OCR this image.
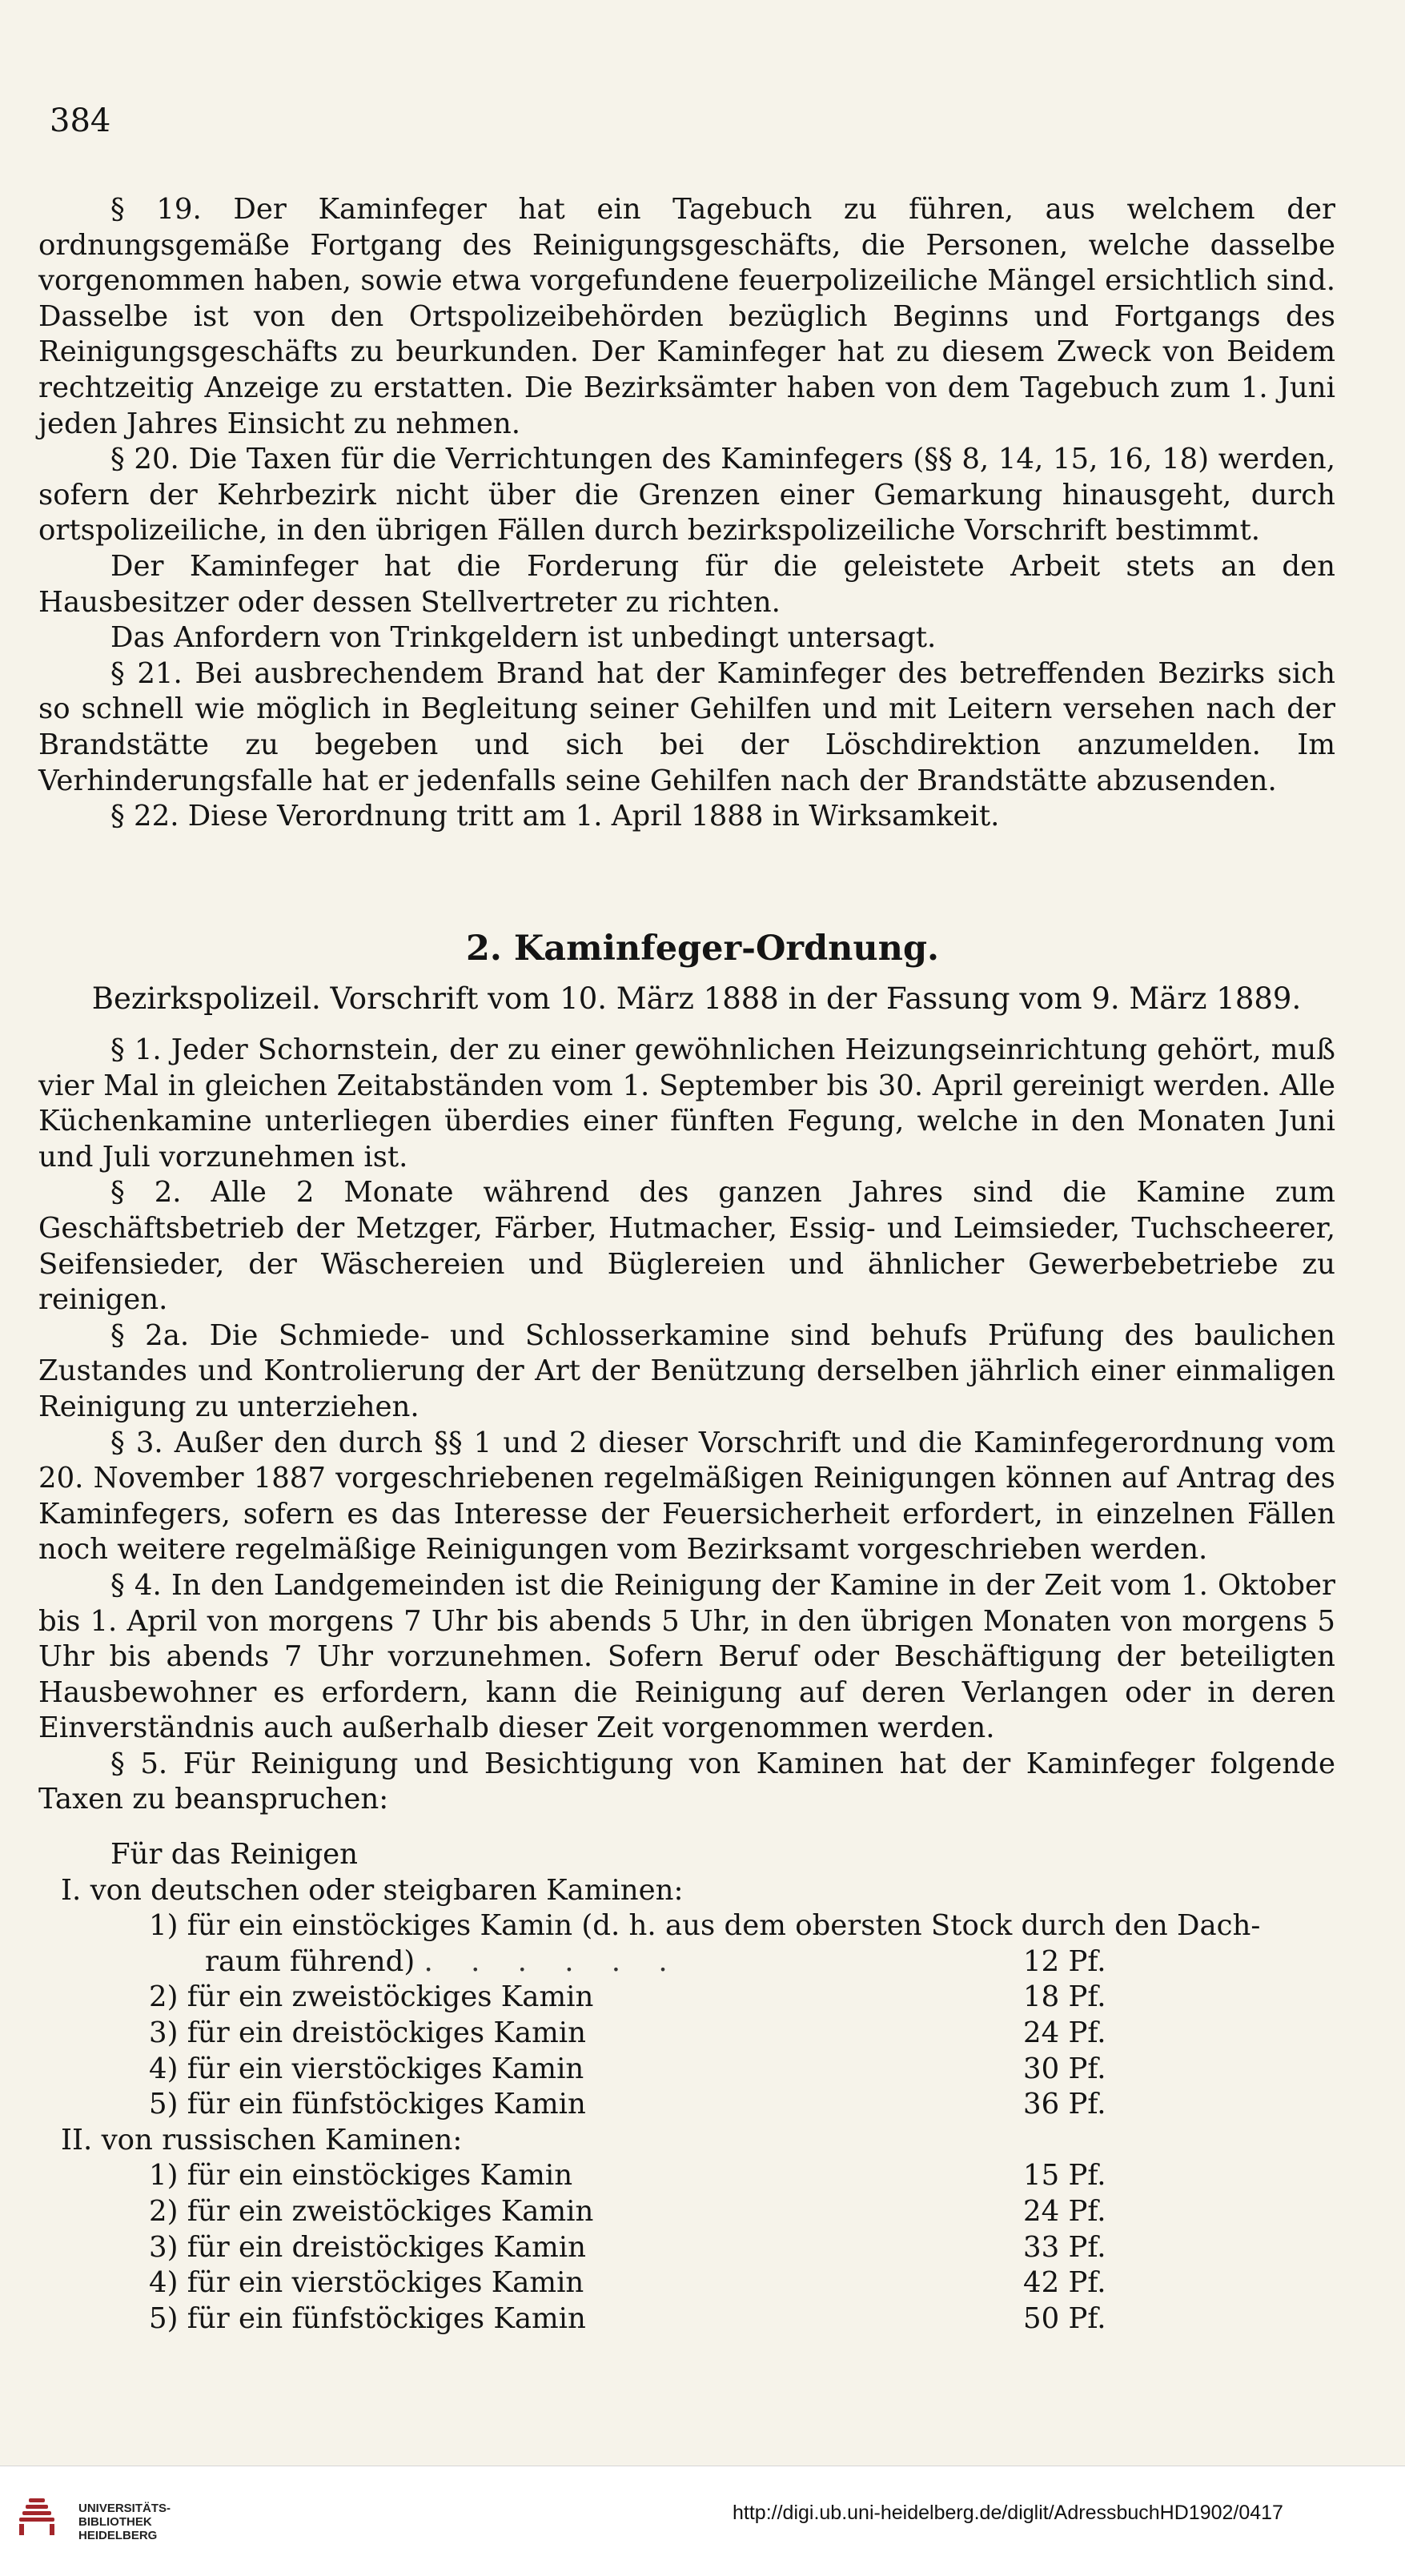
384

§ 19. Der Kaminfeger hat ein Tagebuch zu führen, aus welchem der ordnungsgemäße Fortgang des Reinigungsgeschäfts, die Personen, welche dasselbe vorgenommen haben, sowie etwa vorgefundene feuerpolizeiliche Mängel ersichtlich sind. Dasselbe ist von den Ortspolizeibehörden bezüglich Beginns und Fortgangs des Reinigungsgeschäfts zu beurkunden. Der Kaminfeger hat zu diesem Zweck von Beidem rechtzeitig Anzeige zu erstatten. Die Bezirksämter haben von dem Tagebuch zum 1. Juni jeden Jahres Einsicht zu nehmen.

§ 20. Die Taxen für die Verrichtungen des Kaminfegers (§§ 8, 14, 15, 16, 18) werden, sofern der Kehrbezirk nicht über die Grenzen einer Gemarkung hinausgeht, durch ortspolizeiliche, in den übrigen Fällen durch bezirkspolizeiliche Vorschrift bestimmt.

Der Kaminfeger hat die Forderung für die geleistete Arbeit stets an den Hausbesitzer oder dessen Stellvertreter zu richten.

Das Anfordern von Trinkgeldern ist unbedingt untersagt.

§ 21. Bei ausbrechendem Brand hat der Kaminfeger des betreffenden Bezirks sich so schnell wie möglich in Begleitung seiner Gehilfen und mit Leitern versehen nach der Brandstätte zu begeben und sich bei der Löschdirektion anzumelden. Im Verhinderungsfalle hat er jedenfalls seine Gehilfen nach der Brandstätte abzusenden.

§ 22. Diese Verordnung tritt am 1. April 1888 in Wirksamkeit.

2. Kaminfeger-Ordnung.
Bezirkspolizeil. Vorschrift vom 10. März 1888 in der Fassung vom 9. März 1889.

§ 1. Jeder Schornstein, der zu einer gewöhnlichen Heizungseinrichtung gehört, muß vier Mal in gleichen Zeitabständen vom 1. September bis 30. April gereinigt werden. Alle Küchenkamine unterliegen überdies einer fünften Fegung, welche in den Monaten Juni und Juli vorzunehmen ist.

§ 2. Alle 2 Monate während des ganzen Jahres sind die Kamine zum Geschäftsbetrieb der Metzger, Färber, Hutmacher, Essig- und Leimsieder, Tuchscheerer, Seifensieder, der Wäschereien und Büglereien und ähnlicher Gewerbebetriebe zu reinigen.

§ 2a. Die Schmiede- und Schlosserkamine sind behufs Prüfung des baulichen Zustandes und Kontrolierung der Art der Benützung derselben jährlich einer einmaligen Reinigung zu unterziehen.

§ 3. Außer den durch §§ 1 und 2 dieser Vorschrift und die Kaminfegerordnung vom 20. November 1887 vorgeschriebenen regelmäßigen Reinigungen können auf Antrag des Kaminfegers, sofern es das Interesse der Feuersicherheit erfordert, in einzelnen Fällen noch weitere regelmäßige Reinigungen vom Bezirksamt vorgeschrieben werden.

§ 4. In den Landgemeinden ist die Reinigung der Kamine in der Zeit vom 1. Oktober bis 1. April von morgens 7 Uhr bis abends 5 Uhr, in den übrigen Monaten von morgens 5 Uhr bis abends 7 Uhr vorzunehmen. Sofern Beruf oder Beschäftigung der beteiligten Hausbewohner es erfordern, kann die Reinigung auf deren Verlangen oder in deren Einverständnis auch außerhalb dieser Zeit vorgenommen werden.

§ 5. Für Reinigung und Besichtigung von Kaminen hat der Kaminfeger folgende Taxen zu beanspruchen:

Für das Reinigen
I. von deutschen oder steigbaren Kaminen:
1) für ein einstöckiges Kamin (d. h. aus dem obersten Stock durch den Dach-
raum führend) . . . . . .	12 Pf.
2) für ein zweistöckiges Kamin	18 Pf.
3) für ein dreistöckiges Kamin	24 Pf.
4) für ein vierstöckiges Kamin	30 Pf.
5) für ein fünfstöckiges Kamin	36 Pf.
II. von russischen Kaminen:
1) für ein einstöckiges Kamin	15 Pf.
2) für ein zweistöckiges Kamin	24 Pf.
3) für ein dreistöckiges Kamin	33 Pf.
4) für ein vierstöckiges Kamin	42 Pf.
5) für ein fünfstöckiges Kamin	50 Pf.
UNIVERSITÄTS-
BIBLIOTHEK
HEIDELBERG
http://digi.ub.uni-heidelberg.de/diglit/AdressbuchHD1902/0417
